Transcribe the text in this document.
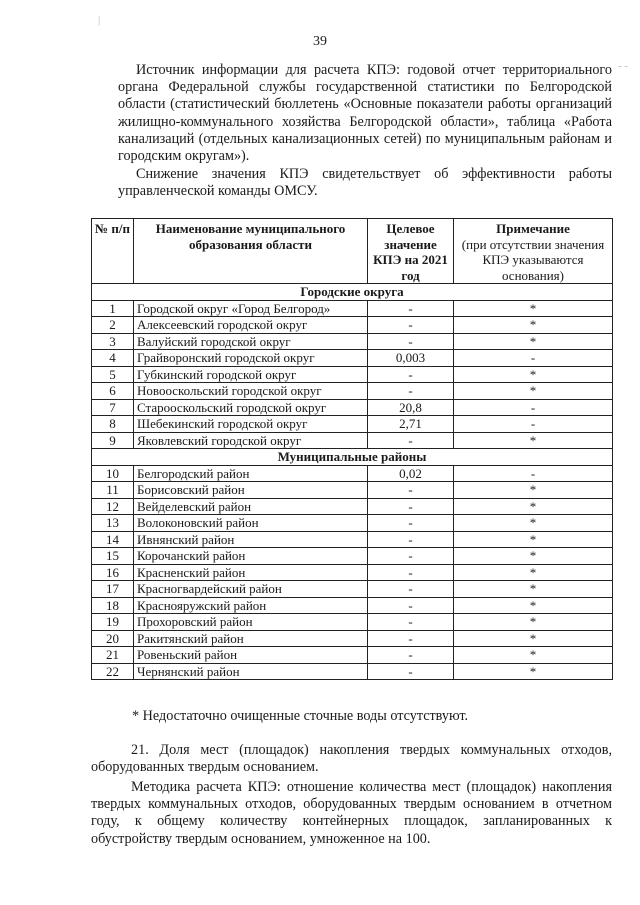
|
‐ ‐
39

Источник информации для расчета КПЭ: годовой отчет территориального органа Федеральной службы государственной статистики по Белгородской области (статистический бюллетень «Основные показатели работы организаций жилищно-коммунального хозяйства Белгородской области», таблица «Работа канализаций (отдельных канализационных сетей) по муниципальным районам и городским округам»).

Снижение значения КПЭ свидетельствует об эффективности работы управленческой команды ОМСУ.

№ п/п	Наименование муниципального образования области	Целевое значение КПЭ на 2021 год	Примечание
(при отсутствии значения КПЭ указываются основания)
Городские округа			
1	Городской округ «Город Белгород»	-	*
2	Алексеевский городской округ	-	*
3	Валуйский городской округ	-	*
4	Грайворонский городской округ	0,003	-
5	Губкинский городской округ	-	*
6	Новооскольский городской округ	-	*
7	Старооскольский городской округ	20,8	-
8	Шебекинский городской округ	2,71	-
9	Яковлевский городской округ	-	*
Муниципальные районы			
10	Белгородский район	0,02	-
11	Борисовский район	-	*
12	Вейделевский район	-	*
13	Волоконовский район	-	*
14	Ивнянский район	-	*
15	Корочанский район	-	*
16	Красненский район	-	*
17	Красногвардейский район	-	*
18	Краснояружский район	-	*
19	Прохоровский район	-	*
20	Ракитянский район	-	*
21	Ровеньский район	-	*
22	Чернянский район	-	*
* Недостаточно очищенные сточные воды отсутствуют.

21. Доля мест (площадок) накопления твердых коммунальных отходов, оборудованных твердым основанием.

Методика расчета КПЭ: отношение количества мест (площадок) накопления твердых коммунальных отходов, оборудованных твердым основанием в отчетном году, к общему количеству контейнерных площадок, запланированных к обустройству твердым основанием, умноженное на 100.
